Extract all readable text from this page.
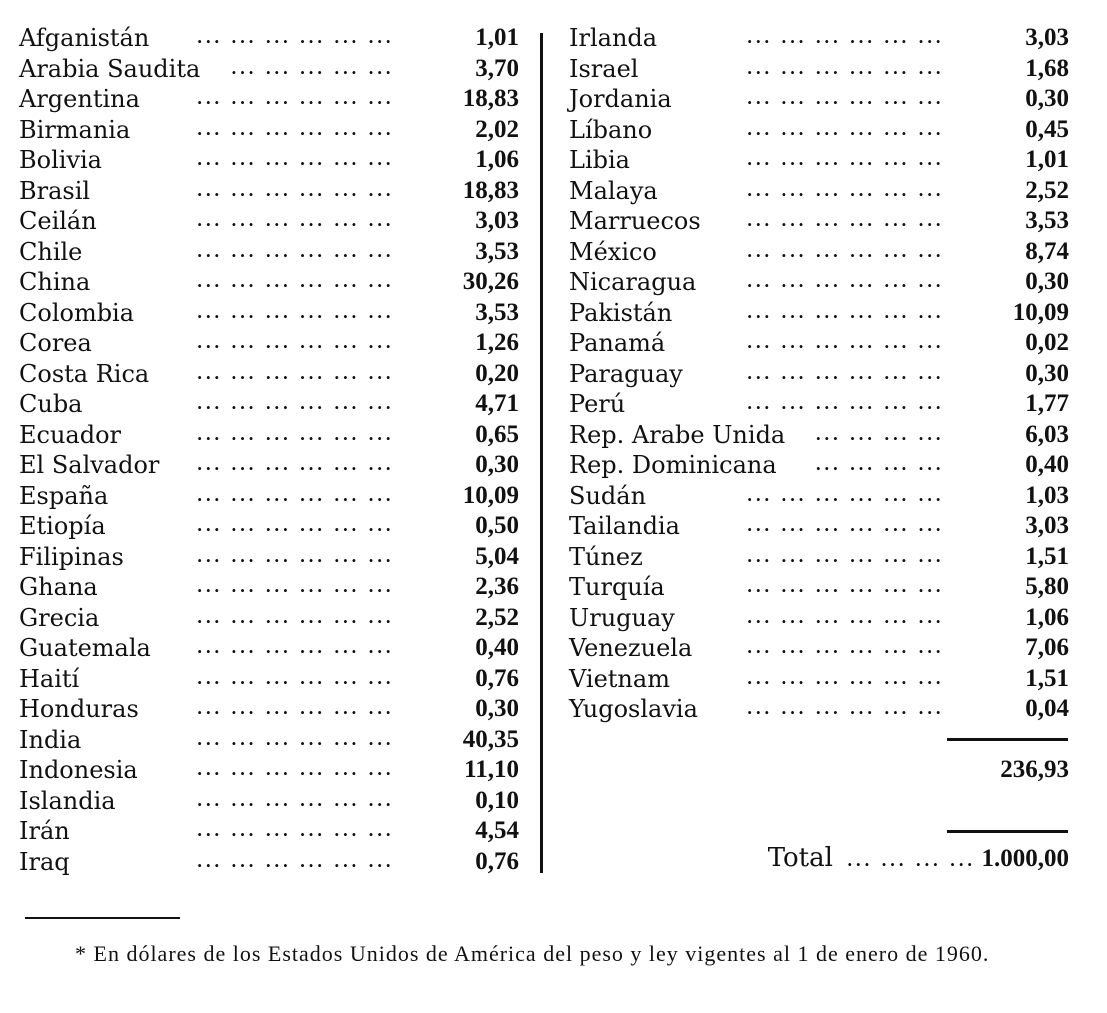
Afganistán	... ... ... ... ... ...	1,01
Arabia Saudita ... ... ... ... ...	3,70
Argentina	... ... ... ... ... ...	18,83
Birmania	... ... ... ... ... ...	2,02
Bolivia	... ... ... ... ... ...	1,06
Brasil	... ... ... ... ... ...	18,83
Ceilán	... ... ... ... ... ...	3,03
Chile	... ... ... ... ... ...	3,53
China	... ... ... ... ... ...	30,26
Colombia	... ... ... ... ... ...	3,53
Corea	... ... ... ... ... ...	1,26
Costa Rica	... ... ... ... ... ...	0,20
Cuba	... ... ... ... ... ...	4,71
Ecuador	... ... ... ... ... ...	0,65
El Salvador ... ... ... ... ... ...	0,30
España	... ... ... ... ... ...	10,09
Etiopía	... ... ... ... ... ...	0,50
Filipinas	... ... ... ... ... ...	5,04
Ghana	... ... ... ... ... ...	2,36
Grecia	... ... ... ... ... ...	2,52
Guatemala	... ... ... ... ... ...	0,40
Haití	... ... ... ... ... ...	0,76
Honduras	... ... ... ... ... ...	0,30
India	... ... ... ... ... ...	40,35
Indonesia	... ... ... ... ... ...	11,10
Islandia	... ... ... ... ... ...	0,10
Irán	... ... ... ... ... ...	4,54
Iraq	... ... ... ... ... ...	0,76
Irlanda	... ... ... ... ... ...	3,03
Israel	... ... ... ... ... ...	1,68
Jordania	... ... ... ... ... ...	0,30
Líbano	... ... ... ... ... ...	0,45
Libia	... ... ... ... ... ...	1,01
Malaya	... ... ... ... ... ...	2,52
Marruecos	... ... ... ... ... ...	3,53
México	... ... ... ... ... ...	8,74
Nicaragua	... ... ... ... ... ...	0,30
Pakistán	... ... ... ... ... ...	10,09
Panamá	... ... ... ... ... ...	0,02
Paraguay	... ... ... ... ... ...	0,30
Perú	... ... ... ... ... ...	1,77
Rep. Arabe Unida ... ... ... ...	6,03
Rep. Dominicana ... ... ... ...	0,40
Sudán	... ... ... ... ... ...	1,03
Tailandia	... ... ... ... ... ...	3,03
Túnez	... ... ... ... ... ...	1,51
Turquía	... ... ... ... ... ...	5,80
Uruguay	... ... ... ... ... ...	1,06
Venezuela	... ... ... ... ... ...	7,06
Vietnam	... ... ... ... ... ...	1,51
Yugoslavia	... ... ... ... ... ...	0,04
236,93
Total ... ... ... ... 1.000,00
* En dólares de los Estados Unidos de América del peso y ley vigentes al 1 de enero de 1960.
